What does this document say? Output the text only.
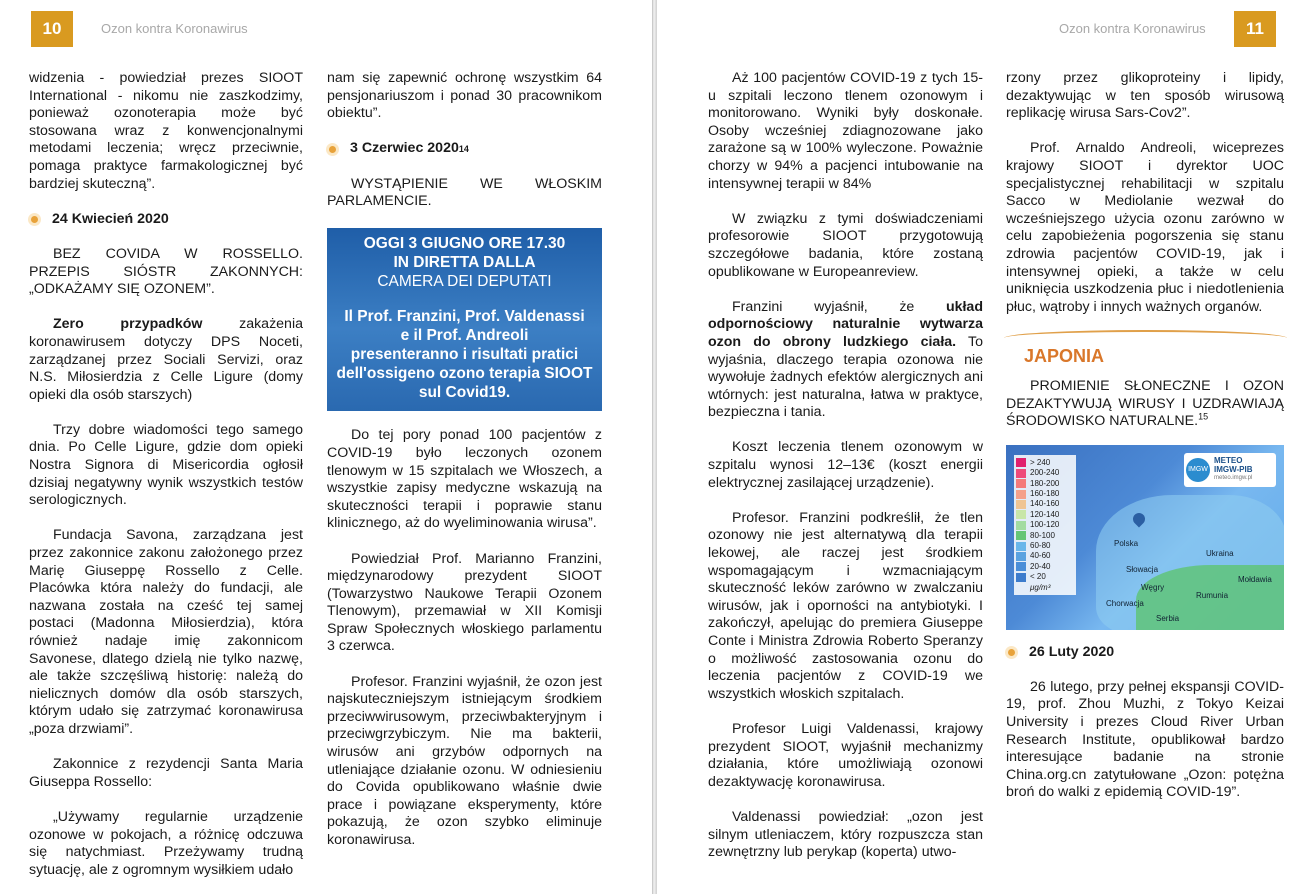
10	Ozon kontra Koronawirus

widzenia - powiedział prezes SIOOT International - nikomu nie zaszkodzimy, ponieważ ozonoterapia może być stosowana wraz z konwencjonalnymi metodami leczenia; wręcz przeciwnie, pomaga praktyce farmakologicznej być bardziej skuteczną”.

24 Kwiecień 2020

BEZ COVIDA W ROSSELLO. PRZEPIS SIÓSTR ZAKONNYCH: „ODKAŻAMY SIĘ OZONEM”.

Zero przypadków zakażenia koronawirusem dotyczy DPS Noceti, zarządzanej przez Sociali Servizi, oraz N.S. Miłosierdzia z Celle Ligure (domy opieki dla osób starszych)

Trzy dobre wiadomości tego samego dnia. Po Celle Ligure, gdzie dom opieki Nostra Signora di Misericordia ogłosił dzisiaj negatywny wynik wszystkich testów serologicznych.

Fundacja Savona, zarządzana jest przez zakonnice zakonu założonego przez Marię Giuseppę Rossello z Celle. Placówka która należy do fundacji, ale nazwana została na cześć tej samej postaci (Madonna Miłosierdzia), która również nadaje imię zakonnicom Savonese, dlatego dzielą nie tylko nazwę, ale także szczęśliwą historię: należą do nielicznych domów dla osób starszych, którym udało się zatrzymać koronawirusa „poza drzwiami”.

Zakonnice z rezydencji Santa Maria Giuseppa Rossello:

„Używamy regularnie urządzenie ozonowe w pokojach, a różnicę odczuwa się natychmiast. Przeżywamy trudną sytuację, ale z ogromnym wysiłkiem udało

nam się zapewnić ochronę wszystkim 64 pensjonariuszom i ponad 30 pracownikom obiektu”.

3 Czerwiec 2020 14

WYSTĄPIENIE WE WŁOSKIM PARLAMENCIE.

OGGI 3 GIUGNO ORE 17.30
IN DIRETTA DALLA
CAMERA DEI DEPUTATI
Il Prof. Franzini, Prof. Valdenassi
e il Prof. Andreoli
presenteranno i risultati pratici
dell'ossigeno ozono terapia SIOOT
sul Covid19.

Do tej pory ponad 100 pacjentów z COVID-19 było leczonych ozonem tlenowym w 15 szpitalach we Włoszech, a wszystkie zapisy medyczne wskazują na skuteczności terapii i poprawie stanu klinicznego, aż do wyeliminowania wirusa”.

Powiedział Prof. Marianno Franzini, międzynarodowy prezydent SIOOT (Towarzystwo Naukowe Terapii Ozonem Tlenowym), przemawiał w XII Komisji Spraw Społecznych włoskiego parlamentu 3 czerwca.

Profesor. Franzini wyjaśnił, że ozon jest najskuteczniejszym istniejącym środkiem przeciwwirusowym, przeciwbakteryjnym i przeciwgrzybiczym. Nie ma bakterii, wirusów ani grzybów odpornych na utleniające działanie ozonu. W odniesieniu do Covida opublikowano właśnie dwie prace i powiązane eksperymenty, które pokazują, że ozon szybko eliminuje koronawirusa.

Ozon kontra Koronawirus	11

Aż 100 pacjentów COVID-19 z tych 15-u szpitali leczono tlenem ozonowym i monitorowano. Wyniki były doskonałe. Osoby wcześniej zdiagnozowane jako zarażone są w 100% wyleczone. Poważnie chorzy w 94% a pacjenci intubowanie na intensywnej terapii w 84%

W związku z tymi doświadczeniami profesorowie SIOOT przygotowują szczegółowe badania, które zostaną opublikowane w Europeanreview.

Franzini wyjaśnił, że układ odpornościowy naturalnie wytwarza ozon do obrony ludzkiego ciała. To wyjaśnia, dlaczego terapia ozonowa nie wywołuje żadnych efektów alergicznych ani wtórnych: jest naturalna, łatwa w praktyce, bezpieczna i tania.

Koszt leczenia tlenem ozonowym w szpitalu wynosi 12–13€ (koszt energii elektrycznej zasilającej urządzenie).

Profesor. Franzini podkreślił, że tlen ozonowy nie jest alternatywą dla terapii lekowej, ale raczej jest środkiem wspomagającym i wzmacniającym skuteczność leków zarówno w zwalczaniu wirusów, jak i oporności na antybiotyki. I zakończył, apelując do premiera Giuseppe Conte i Ministra Zdrowia Roberto Speranzy o możliwość zastosowania ozonu do leczenia pacjentów z COVID-19 we wszystkich włoskich szpitalach.

Profesor Luigi Valdenassi, krajowy prezydent SIOOT, wyjaśnił mechanizmy działania, które umożliwiają ozonowi dezaktywację koronawirusa.

Valdenassi powiedział: „ozon jest silnym utleniaczem, który rozpuszcza stan zewnętrzny lub perykap (koperta) utwo-

rzony przez glikoproteiny i lipidy, dezaktywując w ten sposób wirusową replikację wirusa Sars-Cov2”.

Prof. Arnaldo Andreoli, wiceprezes krajowy SIOOT i dyrektor UOC specjalistycznej rehabilitacji w szpitalu Sacco w Mediolanie wezwał do wcześniejszego użycia ozonu zarówno w celu zapobieżenia pogorszenia się stanu zdrowia pacjentów COVID-19, jak i intensywnej opieki, a także w celu uniknięcia uszkodzenia płuc i niedotlenienia płuc, wątroby i innych ważnych organów.

JAPONIA

PROMIENIE SŁONECZNE I OZON DEZAKTYWUJĄ WIRUSY I UZDRAWIAJĄ ŚRODOWISKO NATURALNE.$^{15}$

> 240
200-240
180-200
160-180
140-160
120-140
100-120
80-100
60-80
40-60
20-40
< 20
μg/m³
IMGW
METEO
IMGW-PIB
meteo.imgw.pl
Polska
Słowacja
Węgry
Chorwacja
Rumunia
Serbia
Ukraina
Mołdawia
26 Luty 2020

26 lutego, przy pełnej ekspansji COVID-19, prof. Zhou Muzhi, z Tokyo Keizai University i prezes Cloud River Urban Research Institute, opublikował bardzo interesujące badanie na stronie China.org.cn zatytułowane „Ozon: potężna broń do walki z epidemią COVID-19”.
